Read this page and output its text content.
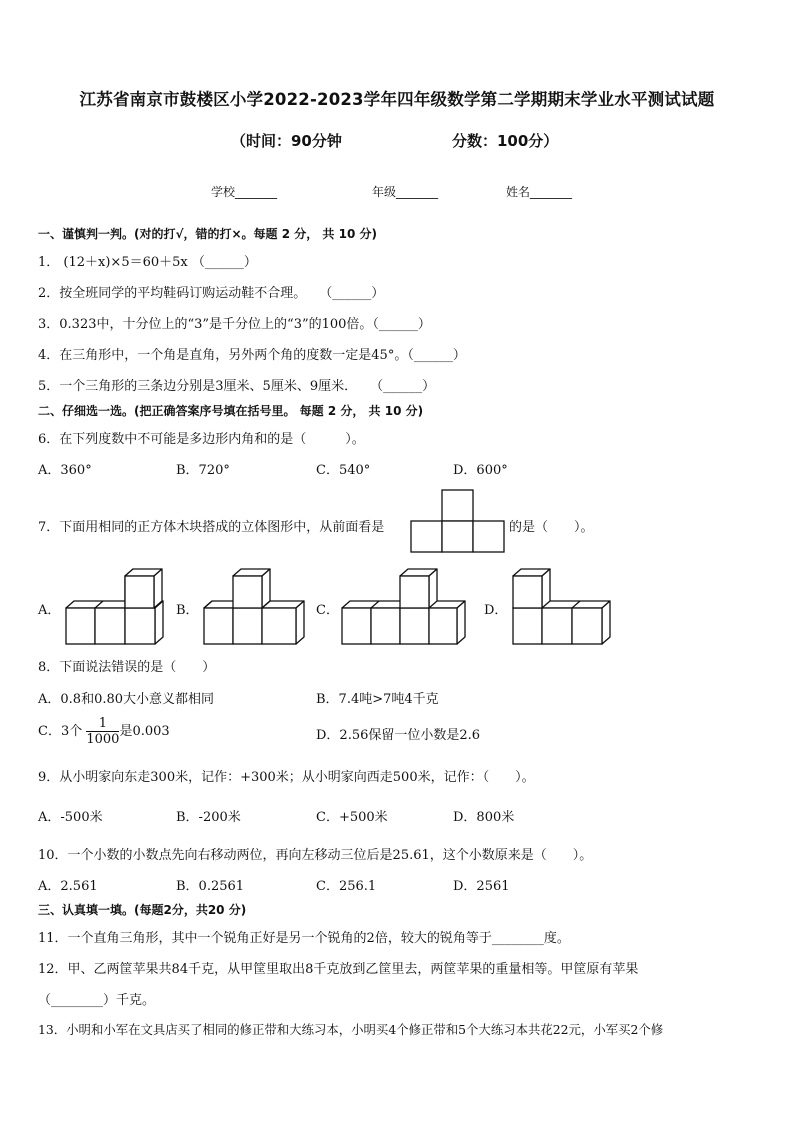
江苏省南京市鼓楼区小学2022-2023学年四年级数学第二学期期末学业水平测试试题
（时间：90分钟	分数：100分）
学校_______	年级_______	姓名_______
一、谨慎判一判。(对的打√，错的打×。每题 2 分， 共 10 分)
1． (12＋x)×5＝60＋5x （______）
2．按全班同学的平均鞋码订购运动鞋不合理。　　（______）
3．0.323中，十分位上的“3”是千分位上的“3”的100倍。（______）
4．在三角形中，一个角是直角，另外两个角的度数一定是45°。（______）
5．一个三角形的三条边分别是3厘米、5厘米、9厘米．　　（______）
二、仔细选一选。(把正确答案序号填在括号里。 每题 2 分， 共 10 分)
6．在下列度数中不可能是多边形内角和的是（　　　）。
A．360°	B．720°	C．540°	D．600°
7．下面用相同的正方体木块搭成的立体图形中，从前面看是	的是（　　）。
A．	B．	C．	D．
8．下面说法错误的是（　　）
A．0.8和0.80大小意义都相同	B．7.4吨>7吨4千克
C．3个 $\frac{1}{1000}$ 是0.003	D．2.56保留一位小数是2.6
9．从小明家向东走300米，记作：+300米；从小明家向西走500米，记作：（　　）。
A．-500米	B．-200米	C．+500米	D．800米
10．一个小数的小数点先向右移动两位，再向左移动三位后是25.61，这个小数原来是（　　）。
A．2.561	B．0.2561	C．256.1	D．2561
三、认真填一填。(每题2分，共20 分)
11．一个直角三角形，其中一个锐角正好是另一个锐角的2倍，较大的锐角等于________度。
12．甲、乙两筐苹果共84千克，从甲筐里取出8千克放到乙筐里去，两筐苹果的重量相等。甲筐原有苹果
（________）千克。
13．小明和小军在文具店买了相同的修正带和大练习本，小明买4个修正带和5个大练习本共花22元，小军买2个修
